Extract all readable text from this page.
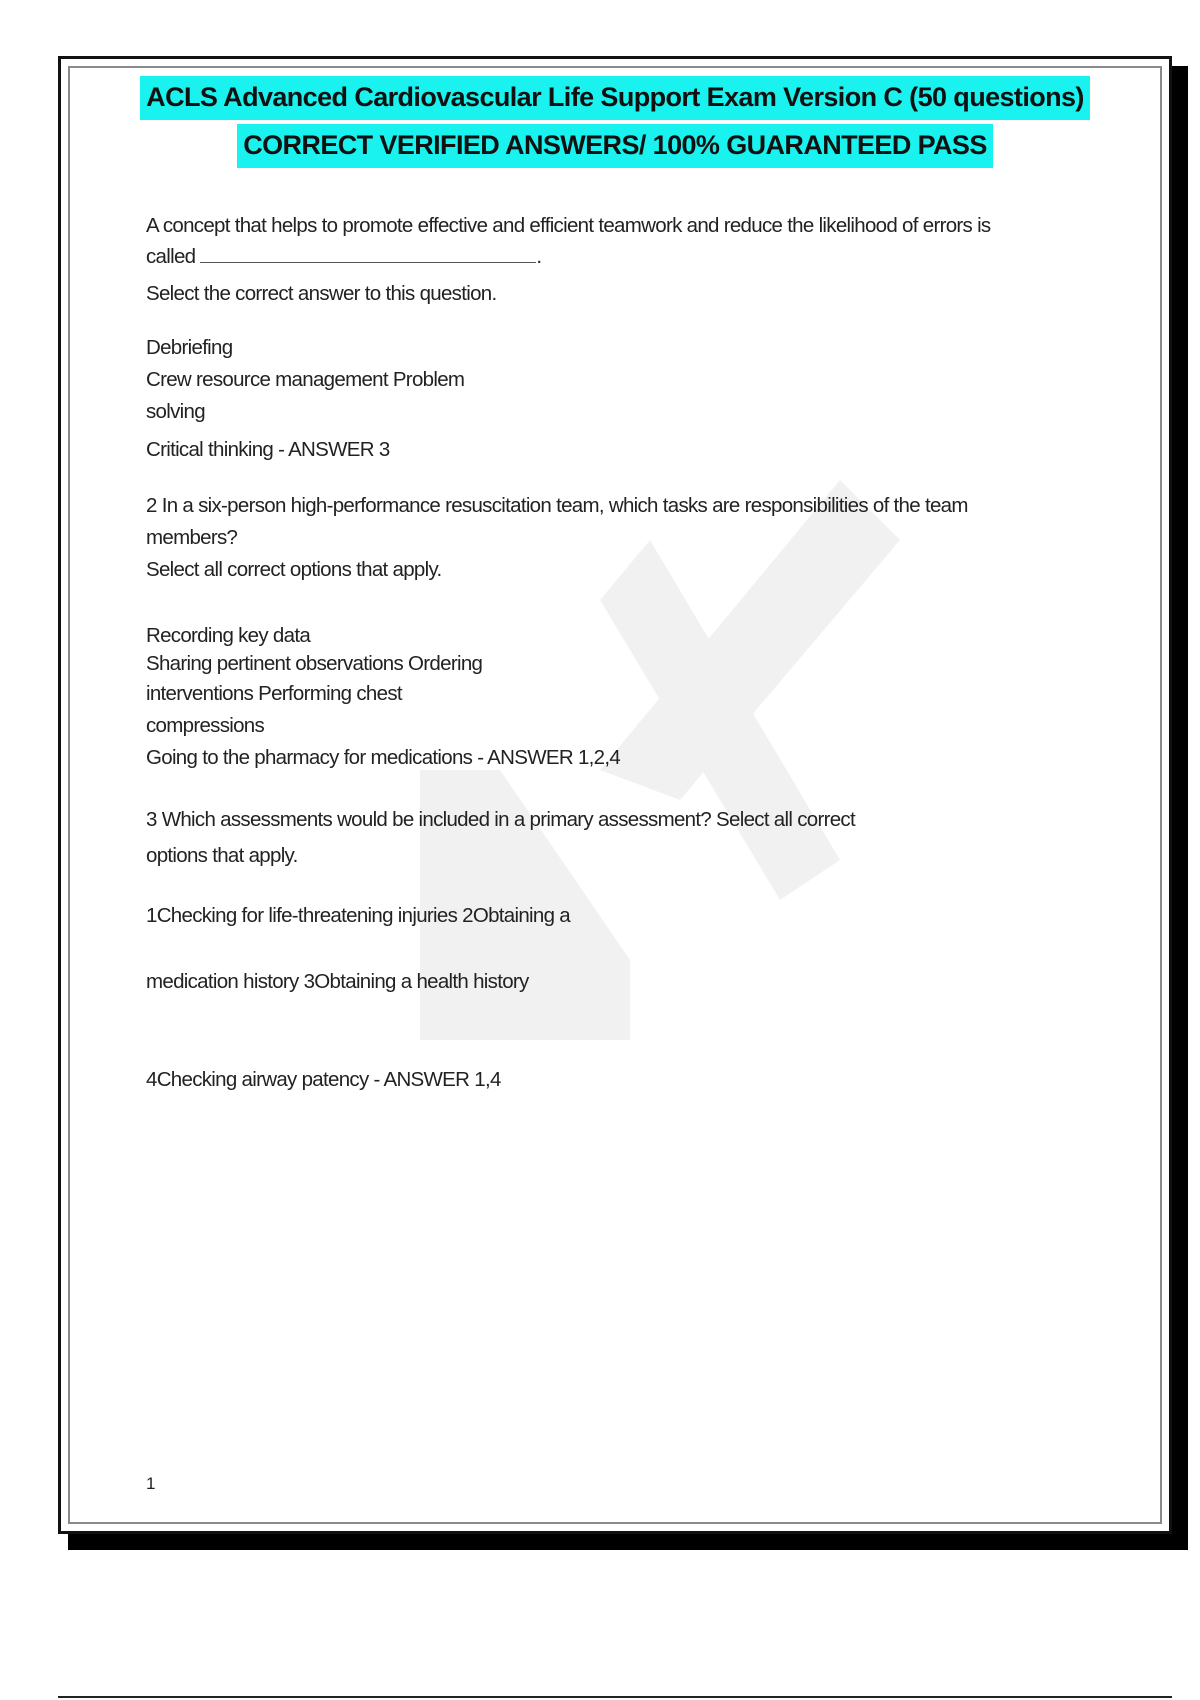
ACLS Advanced Cardiovascular Life Support Exam Version C (50 questions)
CORRECT VERIFIED ANSWERS/ 100% GUARANTEED PASS

A concept that helps to promote effective and efficient teamwork and reduce the likelihood of errors is

called	.

Select the correct answer to this question.

Debriefing

Crew resource management Problem

solving

Critical thinking - ANSWER 3

2 In a six-person high-performance resuscitation team, which tasks are responsibilities of the team

members?

Select all correct options that apply.

Recording key data

Sharing pertinent observations Ordering

interventions Performing chest

compressions

Going to the pharmacy for medications - ANSWER 1,2,4

3 Which assessments would be included in a primary assessment? Select all correct

options that apply.

1Checking for life-threatening injuries 2Obtaining a

medication history 3Obtaining a health history

4Checking airway patency - ANSWER 1,4

1
